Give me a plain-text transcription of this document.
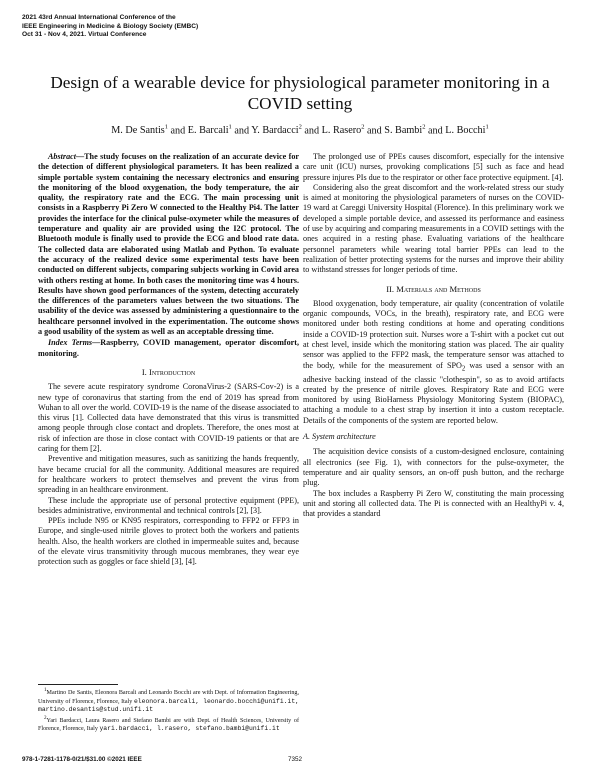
2021 43rd Annual International Conference of the
IEEE Engineering in Medicine & Biology Society (EMBC)
Oct 31 - Nov 4, 2021. Virtual Conference
Design of a wearable device for physiological parameter monitoring in a COVID setting
M. De Santis$^1$ and E. Barcali$^1$ and Y. Bardacci$^2$ and L. Rasero$^2$ and S. Bambi$^2$ and L. Bocchi$^1$

Abstract—The study focuses on the realization of an accurate device for the detection of different physiological parameters. It has been realized a simple portable system containing the necessary electronics and ensuring the monitoring of the blood oxygenation, the body temperature, the air quality, the respiratory rate and the ECG. The main processing unit consists in a Raspberry Pi Zero W connected to the Healthy Pi4. The latter provides the interface for the clinical pulse-oxymeter while the measures of temperature and quality air are provided using the I2C protocol. The Bluetooth module is finally used to provide the ECG and blood rate data. The collected data are elaborated using Matlab and Python. To evaluate the accuracy of the realized device some experimental tests have been conducted on different subjects, comparing subjects working in Covid area with others resting at home. In both cases the monitoring time was 4 hours. Results have shown good performances of the system, detecting accurately the differences of the parameters values between the two situations. The usability of the device was assessed by administering a questionnaire to the healthcare personnel involved in the experimentation. The outcome shows a good usability of the system as well as an acceptable dressing time.

Index Terms—Raspberry, COVID management, operator discomfort, monitoring.

I. Introduction

The severe acute respiratory syndrome CoronaVirus-2 (SARS-Cov-2) is a new type of coronavirus that starting from the end of 2019 has spread from Wuhan to all over the world. COVID-19 is the name of the disease associated to this virus [1]. Collected data have demonstrated that this virus is transmitted among people through close contact and droplets. Therefore, the ones most at risk of infection are those in close contact with COVID-19 patients or that are caring for them [2].

Preventive and mitigation measures, such as sanitizing the hands frequently, have became crucial for all the community. Additional measures are required for healthcare workers to protect themselves and prevent the virus from spreading in an healthcare environment.

These include the appropriate use of personal protective equipment (PPE), besides administrative, environmental and technical controls [2], [3].

PPEs include N95 or KN95 respirators, corresponding to FFP2 or FFP3 in Europe, and single-used nitrile gloves to protect both the workers and patients health. Also, the health workers are clothed in impermeable suites and, because of the elevate virus transmitivity through mucous membranes, they wear eye protection such as goggles or face shield [3], [4].

The prolonged use of PPEs causes discomfort, especially for the intensive care unit (ICU) nurses, provoking complications [5] such as face and head pressure injures PIs due to the respirator or other face protective equipment. [4].

Considering also the great discomfort and the work-related stress our study is aimed at monitoring the physiological parameters of nurses on the COVID-19 ward at Careggi University Hospital (Florence). In this preliminary work we developed a simple portable device, and assessed its performance and easiness of use by acquiring and comparing measurements in a COVID settings with the ones acquired in a resting phase. Evaluating variations of the healthcare personnel parameters while wearing total barrier PPEs can lead to the realization of better protecting systems for the nurses and improve their ability to withstand stresses for longer periods of time.

II. Materials and Methods

Blood oxygenation, body temperature, air quality (concentration of volatile organic compounds, VOCs, in the breath), respiratory rate, and ECG were monitored under both resting conditions at home and operating conditions inside a COVID-19 protection suit. Nurses wore a T-shirt with a pocket cut out at chest level, inside which the monitoring station was placed. The air quality sensor was applied to the FFP2 mask, the temperature sensor was attached to the body, while for the measurement of $SPO_2$ was used a sensor with an adhesive backing instead of the classic "clothespin", so as to avoid artifacts created by the presence of nitrile gloves. Respiratory Rate and ECG were monitored by using BioHarness Physiology Monitoring System (BIOPAC), attaching a module to a chest strap by insertion it into a custom receptacle. Details of the components of the system are reported below.

A. System architecture

The acquisition device consists of a custom-designed enclosure, containing all electronics (see Fig. 1), with connectors for the pulse-oxymeter, the temperature and air quality sensors, an on-off push button, and the recharge plug.

The box includes a Raspberry Pi Zero W, constituting the main processing unit and storing all collected data. The Pi is connected with an HealthyPi v. 4, that provides a standard

$^1$Martino De Santis, Eleonora Barcali and Leonardo Bocchi are with Dept. of Information Engineering, University of Florence, Florence, Italy eleonora.barcali, leonardo.bocchi@unifi.it, martino.desantis@stud.unifi.it

$^2$Yari Bardacci, Laura Rasero and Stefano Bambi are with Dept. of Health Sciences, University of Florence, Florence, Italy yari.bardacci, l.rasero, stefano.bambi@unifi.it

978-1-7281-1178-0/21/$31.00 ©2021 IEEE	7352
